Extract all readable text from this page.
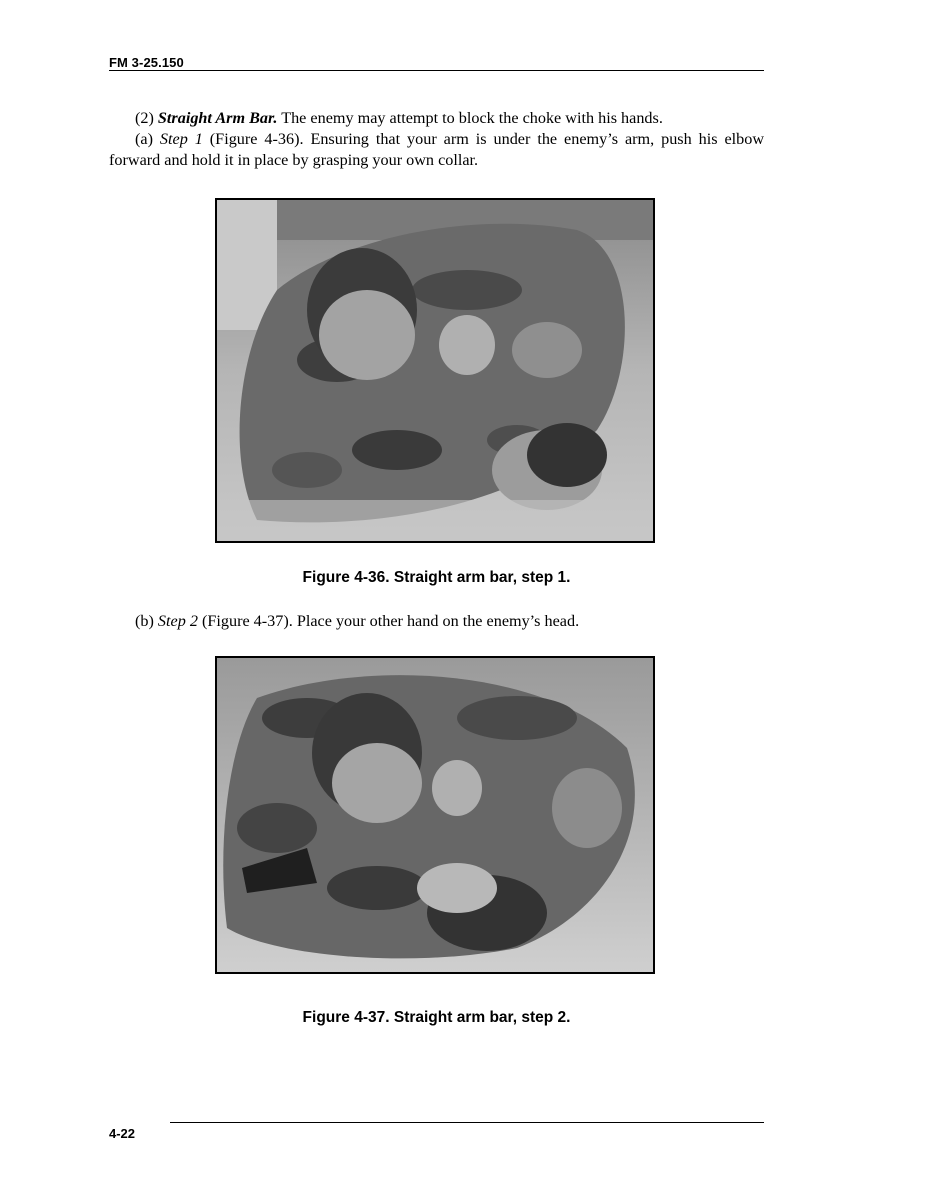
FM 3-25.150
(2) Straight Arm Bar. The enemy may attempt to block the choke with his hands.
(a) Step 1 (Figure 4-36). Ensuring that your arm is under the enemy’s arm, push his elbow forward and hold it in place by grasping your own collar.
Figure 4-36. Straight arm bar, step 1.
(b) Step 2 (Figure 4-37). Place your other hand on the enemy’s head.
Figure 4-37. Straight arm bar, step 2.
4-22
